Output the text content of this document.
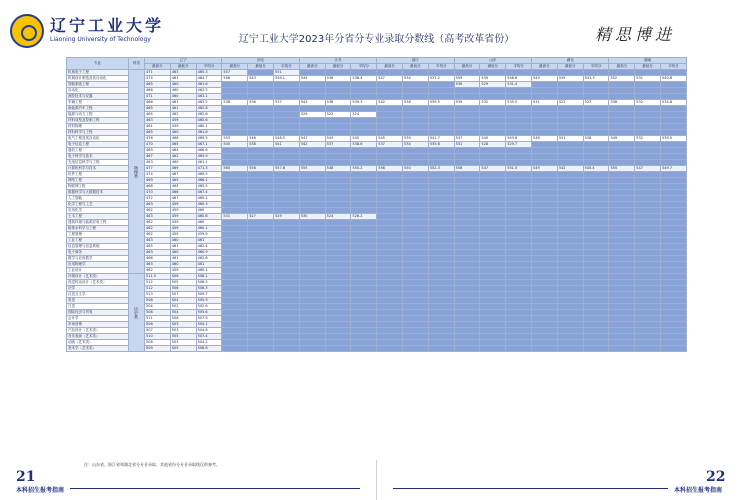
辽宁工业大学
Liaoning University of Technology	辽宁工业大学2023年分省分专业录取分数线（高考改革省份）	精思博进
专业	科类	辽宁			河北			江苏			浙江			山东			湖北			湖南		
		最高分	最低分	平均分	最高分	最低分	平均分	最高分	最低分	平均分	最高分	最低分	平均分	最高分	最低分	平均分	最高分	最低分	平均分	最高分	最低分	平均分
机械电子工程	物理类	471	463	465.3	557		551															
机械设计制造及其自动化		474	461	464.7	556	543	549.1	545	536	538.4	547	534	537.2	559	539	548.6	549	535	541.3	552	531	540.8
智能制造工程		465	460	461.6										536	529	531.4						
自动化		466	460	462.3																		
测控技术与仪器		471	460	463.1																		
车辆工程		466	461	463.2	538	536	537	543	538	539.3	542	538	539.5	539	532	535.5	531	522	527	538	532	534.8
新能源汽车工程		465	461	462.8																		
能源与动力工程		465	462	462.8				529	522	524												
材料成型及控制工程		463	459	460.6																		
材料物理		461	459	460.1																		
材料科学与工程		465	460	461.8																		
电气工程及其自动化		476	466	469.5	553	546	548.5	547	543	545	545	539	541.7	547	540	543.6	546	531	538	549	532	539.5
电子信息工程		470	465	467.1	545	538	541	542	537	538.6	537	534	535.6	531	528	529.7						
通信工程		469	464	466.6																		
电子科学与技术		467	462	463.9																		
光电信息科学与工程		463	460	461.1																		
计算机科学与技术		477	469	471.3	560	556	557.6	555	548	550.2	556	550	552.3	558	547	551.5	549	542	545.4	555	547	549.7
软件工程		474	467	469.5																		
网络工程		469	465	466.2																		
物联网工程		468	464	465.5																		
数据科学与大数据技术		470	466	467.4																		
人工智能		472	467	469.2																		
化学工程与工艺		463	459	460.3																		
应用化学		462	459	460																		
土木工程		463	459	460.6	531	527	529	530	524	526.2												
建筑环境与能源应用工程		462	459	460																		
给排水科学与工程		462	459	460.1																		
工程管理		462	459	459.9																		
工业工程		463	460	461																		
信息管理与信息系统		465	461	462.4																		
电子商务		463	460	460.9																		
数学与应用数学		466	461	462.8																		
应用物理学		463	460	461																		
工业设计		462	459	460.1																		
环境设计（艺术类）	历史类	511.5	506	508.1																		
视觉传达设计（艺术类）		512	505	508.5																		
法学		512	506	508.3																		
汉语言文学		513	507	509.7																		
英语		508	504	505.9																		
日语		504	502	502.8																		
国际经济与贸易		508	504	505.6																		
会计学		511	506	507.9																		
市场营销		506	503	504.1																		
产品设计（艺术类）		507	503	504.6																		
音乐表演（艺术类）		510	505	507.4																		
动画（艺术类）		506	503	504.2																		
美术学（艺术类）		509	505	506.8																		
注：山东省、浙江省和湖北省分专业录取，其他省份分专业录取线仅供参考。
21
本科招生报考指南
22
本科招生报考指南
